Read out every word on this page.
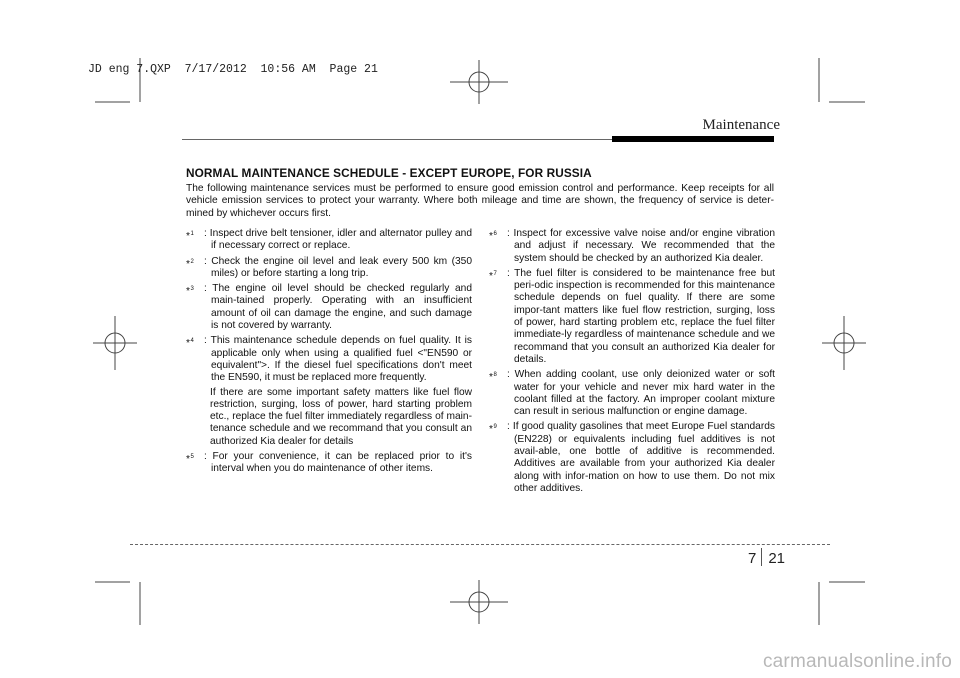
JD eng 7.QXP  7/17/2012  10:56 AM  Page 21
Maintenance
NORMAL MAINTENANCE SCHEDULE - EXCEPT EUROPE, FOR RUSSIA

The following maintenance services must be performed to ensure good emission control and performance. Keep receipts for all vehicle emission services to protect your warranty. Where both mileage and time are shown, the frequency of service is deter-mined by whichever occurs first.

*$^1$ : Inspect drive belt tensioner, idler and alternator pulley and if necessary correct or replace.
*$^2$ : Check the engine oil level and leak every 500 km (350 miles) or before starting a long trip.
*$^3$ : The engine oil level should be checked regularly and main-tained properly. Operating with an insufficient amount of oil can damage the engine, and such damage is not covered by warranty.
*$^4$ : This maintenance schedule depends on fuel quality. It is applicable only when using a qualified fuel <"EN590 or equivalent">. If the diesel fuel specifications don't meet the EN590, it must be replaced more frequently.
If there are some important safety matters like fuel flow restriction, surging, loss of power, hard starting problem etc., replace the fuel filter immediately regardless of main-tenance schedule and we recommand that you consult an authorized Kia dealer for details
*$^5$ : For your convenience, it can be replaced prior to it's interval when you do maintenance of other items.
*$^6$ : Inspect for excessive valve noise and/or engine vibration and adjust if necessary. We recommended that the system should be checked by an authorized Kia dealer.
*$^7$ : The fuel filter is considered to be maintenance free but peri-odic inspection is recommended for this maintenance schedule depends on fuel quality. If there are some impor-tant matters like fuel flow restriction, surging, loss of power, hard starting problem etc, replace the fuel filter immediate-ly regardless of maintenance schedule and we recommand that you consult an authorized Kia dealer for details.
*$^8$ : When adding coolant, use only deionized water or soft water for your vehicle and never mix hard water in the coolant filled at the factory. An improper coolant mixture can result in serious malfunction or engine damage.
*$^9$ : If good quality gasolines that meet Europe Fuel standards (EN228) or equivalents including fuel additives is not avail-able, one bottle of additive is recommended. Additives are available from your authorized Kia dealer along with infor-mation on how to use them. Do not mix other additives.
7 21
carmanualsonline.info
